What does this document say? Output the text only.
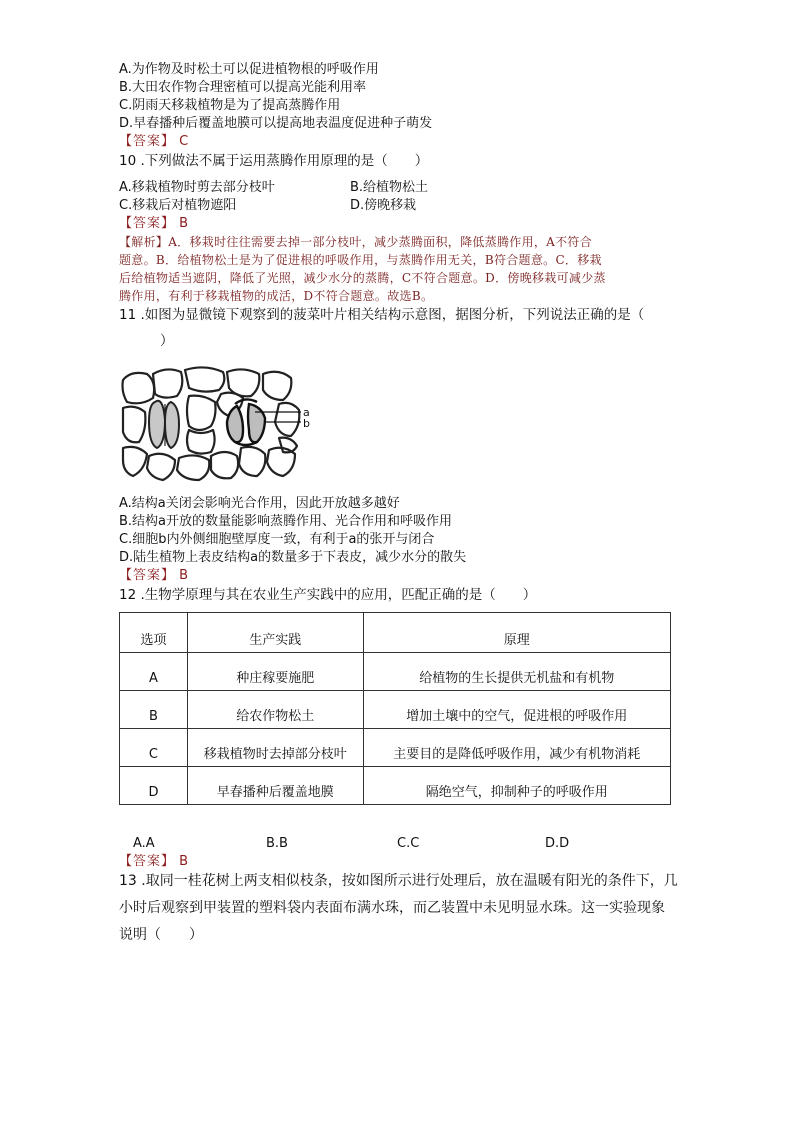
A.为作物及时松土可以促进植物根的呼吸作用
B.大田农作物合理密植可以提高光能利用率
C.阴雨天移栽植物是为了提高蒸腾作用
D.早春播种后覆盖地膜可以提高地表温度促进种子萌发
【答案】 C
10 .下列做法不属于运用蒸腾作用原理的是（　　）
A.移栽植物时剪去部分枝叶	B.给植物松土
C.移栽后对植物遮阳	D.傍晚移栽
【答案】 B
【解析】A．移栽时往往需要去掉一部分枝叶，减少蒸腾面积，降低蒸腾作用，A不符合
题意。B．给植物松土是为了促进根的呼吸作用，与蒸腾作用无关，B符合题意。C．移栽
后给植物适当遮阴，降低了光照，减少水分的蒸腾，C不符合题意。D．傍晚移栽可减少蒸
腾作用，有利于移栽植物的成活，D不符合题意。故选B。
11 .如图为显微镜下观察到的菠菜叶片相关结构示意图，据图分析，下列说法正确的是（
）
a
b
A.结构a关闭会影响光合作用，因此开放越多越好
B.结构a开放的数量能影响蒸腾作用、光合作用和呼吸作用
C.细胞b内外侧细胞壁厚度一致，有利于a的张开与闭合
D.陆生植物上表皮结构a的数量多于下表皮，减少水分的散失
【答案】 B
12 .生物学原理与其在农业生产实践中的应用，匹配正确的是（　　）
选项	生产实践	原理
A	种庄稼要施肥	给植物的生长提供无机盐和有机物
B	给农作物松土	增加土壤中的空气，促进根的呼吸作用
C	移栽植物时去掉部分枝叶	主要目的是降低呼吸作用，减少有机物消耗
D	早春播种后覆盖地膜	隔绝空气，抑制种子的呼吸作用
A.A	B.B	C.C	D.D
【答案】 B
13 .取同一桂花树上两支相似枝条，按如图所示进行处理后，放在温暖有阳光的条件下，几
小时后观察到甲装置的塑料袋内表面布满水珠，而乙装置中未见明显水珠。这一实验现象
说明（　　）
